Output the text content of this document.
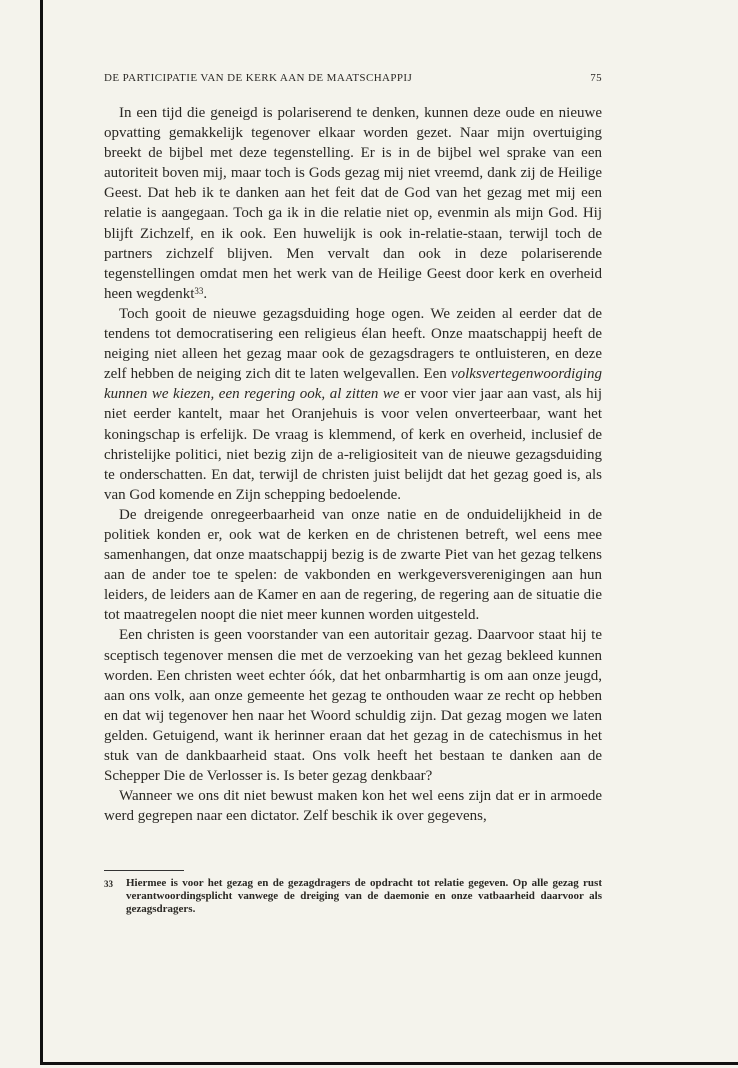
DE PARTICIPATIE VAN DE KERK AAN DE MAATSCHAPPIJ	75

In een tijd die geneigd is polariserend te denken, kunnen deze oude en nieuwe opvatting gemakkelijk tegenover elkaar worden gezet. Naar mijn overtuiging breekt de bijbel met deze tegenstelling. Er is in de bijbel wel sprake van een autoriteit boven mij, maar toch is Gods gezag mij niet vreemd, dank zij de Heilige Geest. Dat heb ik te danken aan het feit dat de God van het gezag met mij een relatie is aangegaan. Toch ga ik in die relatie niet op, evenmin als mijn God. Hij blijft Zichzelf, en ik ook. Een huwelijk is ook in-relatie-staan, terwijl toch de partners zichzelf blijven. Men vervalt dan ook in deze polariserende tegenstellingen omdat men het werk van de Heilige Geest door kerk en overheid heen wegdenkt$^{33}$.

Toch gooit de nieuwe gezagsduiding hoge ogen. We zeiden al eerder dat de tendens tot democratisering een religieus élan heeft. Onze maatschappij heeft de neiging niet alleen het gezag maar ook de gezagsdragers te ontluisteren, en deze zelf hebben de neiging zich dit te laten welgevallen. Een volksvertegenwoordiging kunnen we kiezen, een regering ook, al zitten we er voor vier jaar aan vast, als hij niet eerder kantelt, maar het Oranjehuis is voor velen onverteerbaar, want het koningschap is erfelijk. De vraag is klemmend, of kerk en overheid, inclusief de christelijke politici, niet bezig zijn de a-religiositeit van de nieuwe gezagsduiding te onderschatten. En dat, terwijl de christen juist belijdt dat het gezag goed is, als van God komende en Zijn schepping bedoelende.

De dreigende onregeerbaarheid van onze natie en de onduidelijkheid in de politiek konden er, ook wat de kerken en de christenen betreft, wel eens mee samenhangen, dat onze maatschappij bezig is de zwarte Piet van het gezag telkens aan de ander toe te spelen: de vakbonden en werkgeversverenigingen aan hun leiders, de leiders aan de Kamer en aan de regering, de regering aan de situatie die tot maatregelen noopt die niet meer kunnen worden uitgesteld.

Een christen is geen voorstander van een autoritair gezag. Daarvoor staat hij te sceptisch tegenover mensen die met de verzoeking van het gezag bekleed kunnen worden. Een christen weet echter óók, dat het onbarmhartig is om aan onze jeugd, aan ons volk, aan onze gemeente het gezag te onthouden waar ze recht op hebben en dat wij tegenover hen naar het Woord schuldig zijn. Dat gezag mogen we laten gelden. Getuigend, want ik herinner eraan dat het gezag in de catechismus in het stuk van de dankbaarheid staat. Ons volk heeft het bestaan te danken aan de Schepper Die de Verlosser is. Is beter gezag denkbaar?

Wanneer we ons dit niet bewust maken kon het wel eens zijn dat er in armoede werd gegrepen naar een dictator. Zelf beschik ik over gegevens,

33	Hiermee is voor het gezag en de gezagdragers de opdracht tot relatie gegeven. Op alle gezag rust verantwoordingsplicht vanwege de dreiging van de daemonie en onze vatbaarheid daarvoor als gezagsdragers.
